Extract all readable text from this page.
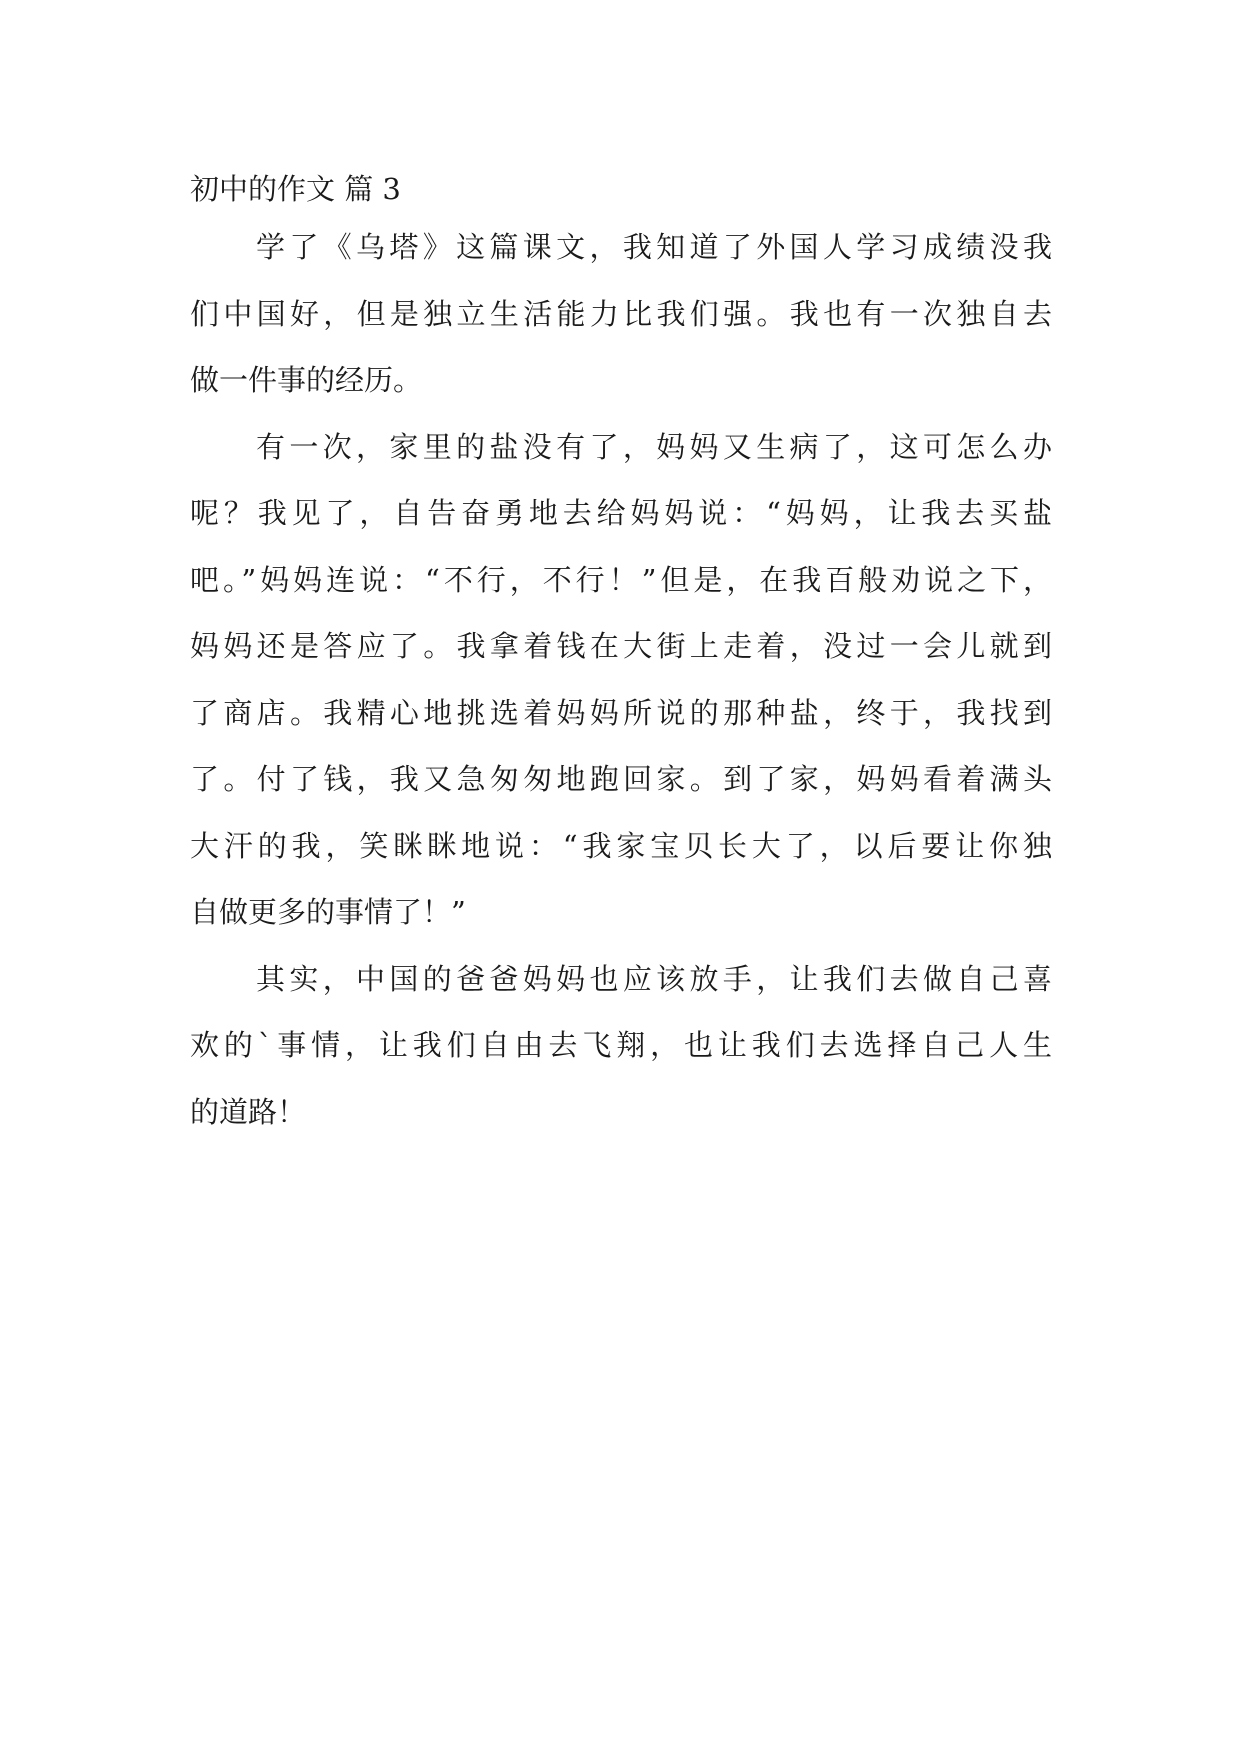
初中的作文 篇 3
学了《乌塔》这篇课文，我知道了外国人学习成绩没我
们中国好，但是独立生活能力比我们强。我也有一次独自去
做一件事的经历。
有一次，家里的盐没有了，妈妈又生病了，这可怎么办
呢？我见了，自告奋勇地去给妈妈说：“妈妈，让我去买盐
吧。”妈妈连说：“不行，不行！”但是，在我百般劝说之下，
妈妈还是答应了。我拿着钱在大街上走着，没过一会儿就到
了商店。我精心地挑选着妈妈所说的那种盐，终于，我找到
了。付了钱，我又急匆匆地跑回家。到了家，妈妈看着满头
大汗的我，笑眯眯地说：“我家宝贝长大了，以后要让你独
自做更多的事情了！”
其实，中国的爸爸妈妈也应该放手，让我们去做自己喜
欢的`事情，让我们自由去飞翔，也让我们去选择自己人生
的道路！
